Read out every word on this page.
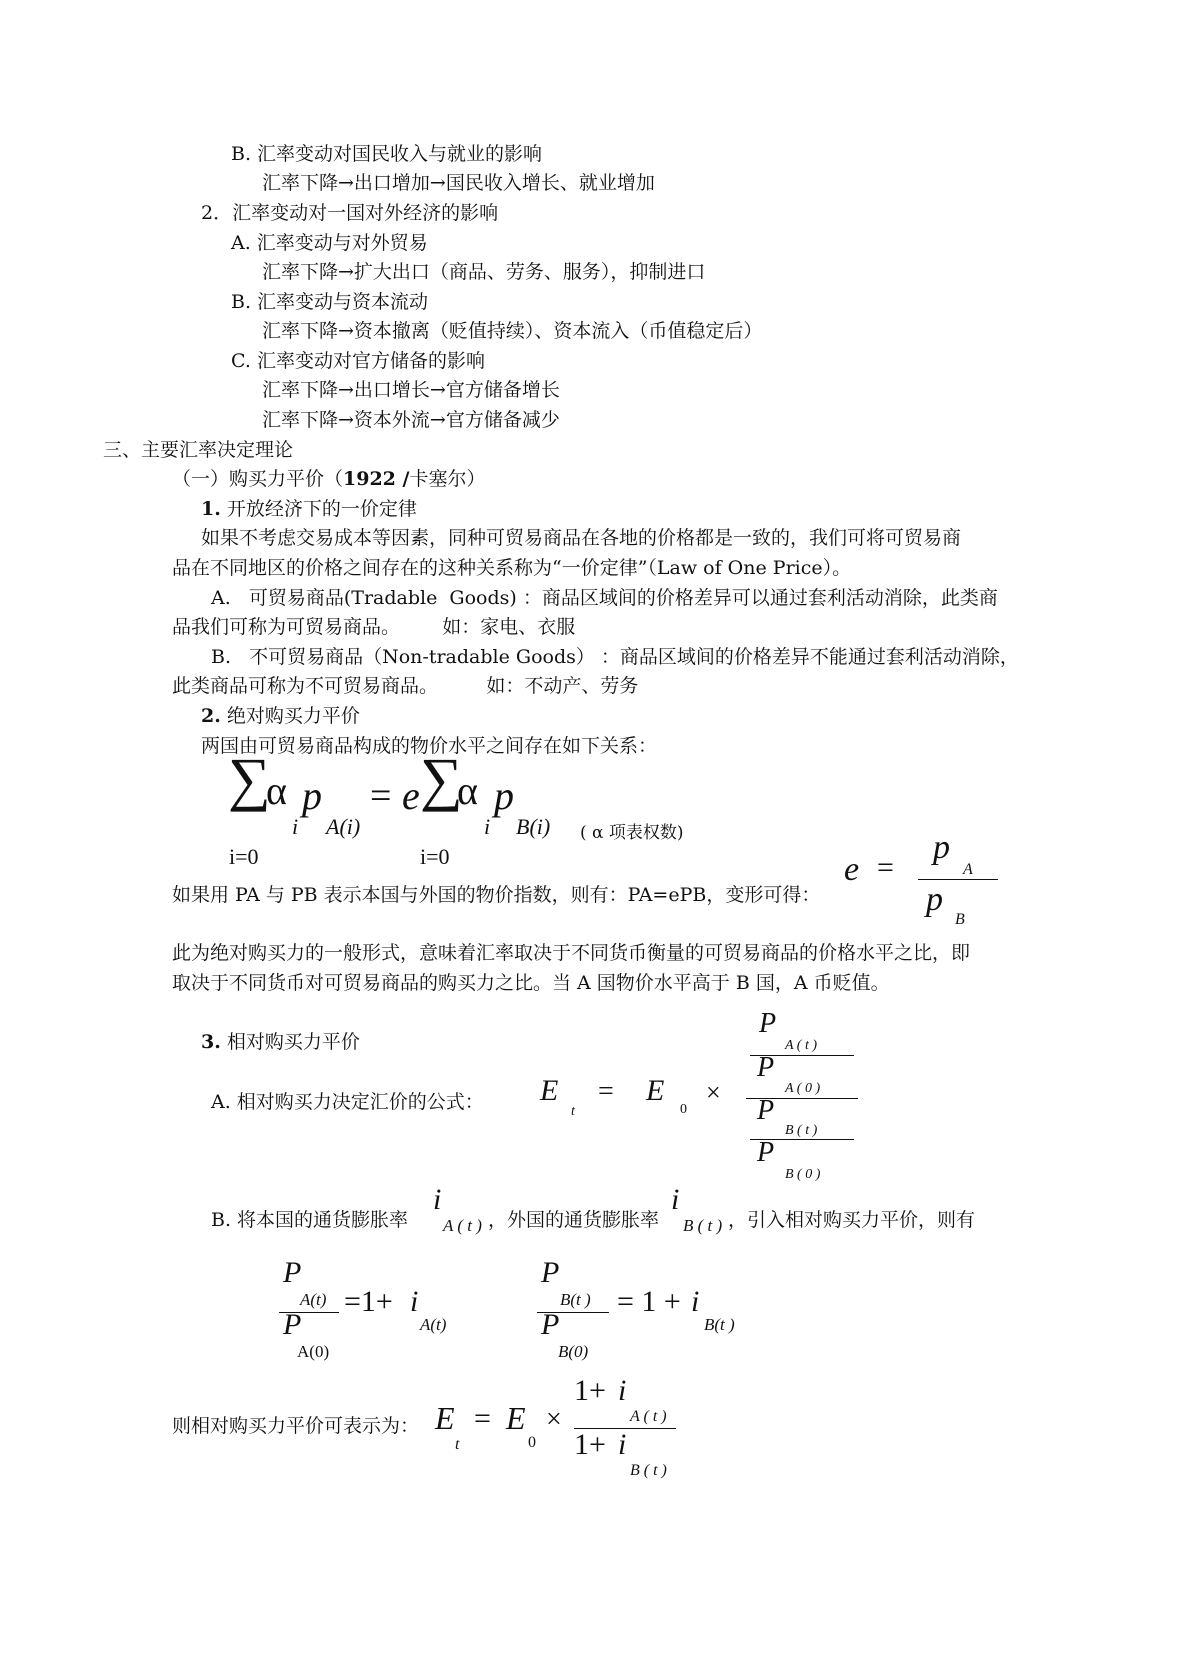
B. 汇率变动对国民收入与就业的影响
汇率下降→出口增加→国民收入增长、就业增加
2．汇率变动对一国对外经济的影响
A. 汇率变动与对外贸易
汇率下降→扩大出口（商品、劳务、服务），抑制进口
B. 汇率变动与资本流动
汇率下降→资本撤离（贬值持续）、资本流入（币值稳定后）
C. 汇率变动对官方储备的影响
汇率下降→出口增长→官方储备增长
汇率下降→资本外流→官方储备减少
三、主要汇率决定理论
（一）购买力平价（1922 /卡塞尔）
1. 开放经济下的一价定律
如果不考虑交易成本等因素，同种可贸易商品在各地的价格都是一致的，我们可将可贸易商
品在不同地区的价格之间存在的这种关系称为“一价定律”（Law of One Price）。
A.   可贸易商品(Tradable  Goods) ：商品区域间的价格差异可以通过套利活动消除，此类商
品我们可称为可贸易商品。       如：家电、衣服
B.   不可贸易商品（Non-tradable Goods） ：商品区域间的价格差异不能通过套利活动消除，
此类商品可称为不可贸易商品。        如：不动产、劳务
2. 绝对购买力平价
两国由可贸易商品构成的物价水平之间存在如下关系：
∑
α p
i A(i)
i=0
= e ∑
α p
i B(i)
i=0
( α 项表权数)
e =
p
A
p
B
如果用 PA 与 PB 表示本国与外国的物价指数，则有：PA=ePB，变形可得：
此为绝对购买力的一般形式，意味着汇率取决于不同货币衡量的可贸易商品的价格水平之比，即
取决于不同货币对可贸易商品的购买力之比。当 A 国物价水平高于 B 国，A 币贬值。
3. 相对购买力平价
A. 相对购买力决定汇价的公式： E
t
= E
0
×
P
A ( t )
P
A ( 0 )
P
B ( t )
P
B ( 0 )
B. 将本国的通货膨胀率
i
A ( t ) ，外国的通货膨胀率
i
B ( t ) ，引入相对购买力平价，则有
P
A(t)
P
A(0)
=1+ i
A(t)
P
B(t )
P
B(0)
= 1 + i
B(t )
则相对购买力平价可表示为： E
t
= E
0
×
1+ i
A ( t )
1+ i
B ( t )
